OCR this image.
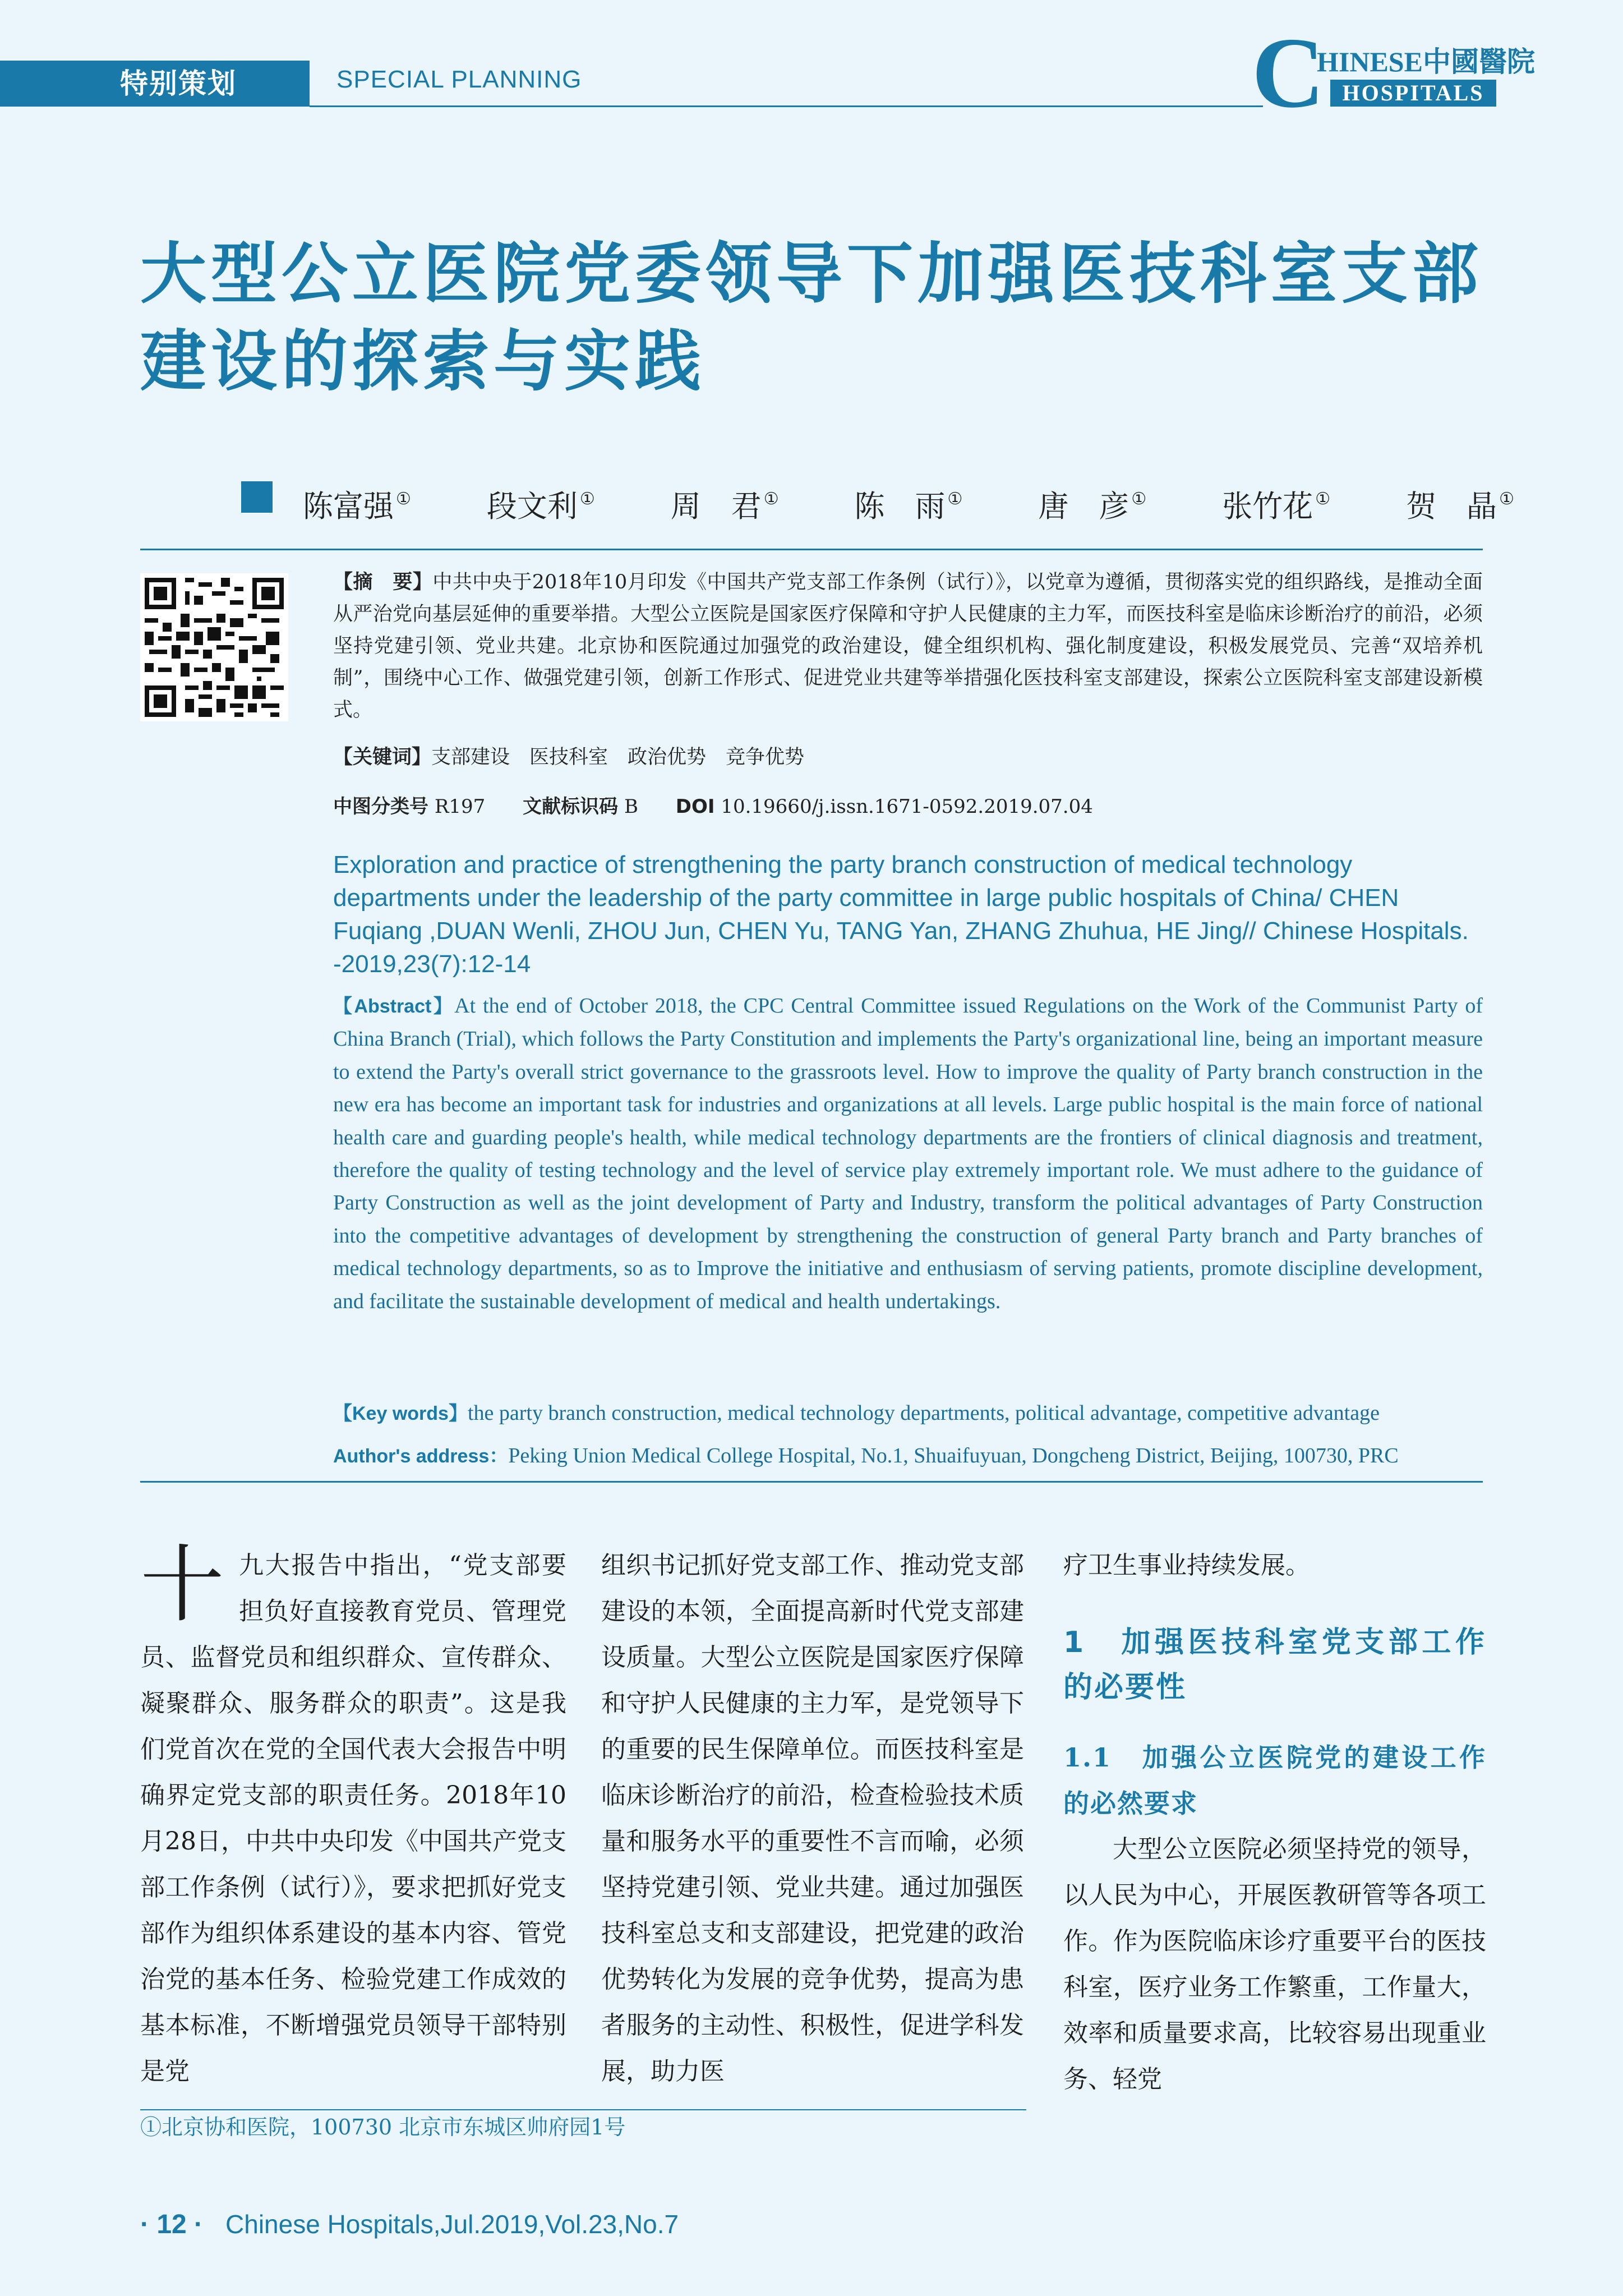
特别策划	SPECIAL PLANNING	C
HINESE中國醫院
HOSPITALS
大型公立医院党委领导下加强医技科室支部建设的探索与实践
陈富强 ① 段文利 ① 周　君 ① 陈　雨 ① 唐　彦 ① 张竹花 ① 贺　晶 ①
【摘　要】中共中央于2018年10月印发《中国共产党支部工作条例（试行）》，以党章为遵循，贯彻落实党的组织路线，是推动全面从严治党向基层延伸的重要举措。大型公立医院是国家医疗保障和守护人民健康的主力军，而医技科室是临床诊断治疗的前沿，必须坚持党建引领、党业共建。北京协和医院通过加强党的政治建设，健全组织机构、强化制度建设，积极发展党员、完善“双培养机制”，围绕中心工作、做强党建引领，创新工作形式、促进党业共建等举措强化医技科室支部建设，探索公立医院科室支部建设新模式。
【关键词】支部建设　医技科室　政治优势　竞争优势
中图分类号 R197 文献标识码 B DOI 10.19660/j.issn.1671-0592.2019.07.04
Exploration and practice of strengthening the party branch construction of medical technology departments under the leadership of the party committee in large public hospitals of China/ CHEN Fuqiang ,DUAN Wenli, ZHOU Jun, CHEN Yu, TANG Yan, ZHANG Zhuhua, HE Jing// Chinese Hospitals. -2019,23(7):12-14
【Abstract】At the end of October 2018, the CPC Central Committee issued Regulations on the Work of the Communist Party of China Branch (Trial), which follows the Party Constitution and implements the Party's organizational line, being an important measure to extend the Party's overall strict governance to the grassroots level. How to improve the quality of Party branch construction in the new era has become an important task for industries and organizations at all levels. Large public hospital is the main force of national health care and guarding people's health, while medical technology departments are the frontiers of clinical diagnosis and treatment, therefore the quality of testing technology and the level of service play extremely important role. We must adhere to the guidance of Party Construction as well as the joint development of Party and Industry, transform the political advantages of Party Construction into the competitive advantages of development by strengthening the construction of general Party branch and Party branches of medical technology departments, so as to Improve the initiative and enthusiasm of serving patients, promote discipline development, and facilitate the sustainable development of medical and health undertakings.
【Key words】the party branch construction, medical technology departments, political advantage, competitive advantage
Author's address：Peking Union Medical College Hospital, No.1, Shuaifuyuan, Dongcheng District, Beijing, 100730, PRC
十九大报告中指出，“党支部要担负好直接教育党员、管理党员、监督党员和组织群众、宣传群众、凝聚群众、服务群众的职责”。这是我们党首次在党的全国代表大会报告中明确界定党支部的职责任务。2018年10月28日，中共中央印发《中国共产党支部工作条例（试行）》，要求把抓好党支部作为组织体系建设的基本内容、管党治党的基本任务、检验党建工作成效的基本标准，不断增强党员领导干部特别是党
组织书记抓好党支部工作、推动党支部建设的本领，全面提高新时代党支部建设质量。大型公立医院是国家医疗保障和守护人民健康的主力军，是党领导下的重要的民生保障单位。而医技科室是临床诊断治疗的前沿，检查检验技术质量和服务水平的重要性不言而喻，必须坚持党建引领、党业共建。通过加强医技科室总支和支部建设，把党建的政治优势转化为发展的竞争优势，提高为患者服务的主动性、积极性，促进学科发展，助力医
疗卫生事业持续发展。
1　加强医技科室党支部工作的必要性
1.1　加强公立医院党的建设工作的必然要求
大型公立医院必须坚持党的领导，以人民为中心，开展医教研管等各项工作。作为医院临床诊疗重要平台的医技科室，医疗业务工作繁重，工作量大，效率和质量要求高，比较容易出现重业务、轻党
①北京协和医院，100730 北京市东城区帅府园1号
· 12 · Chinese Hospitals,Jul.2019,Vol.23,No.7
